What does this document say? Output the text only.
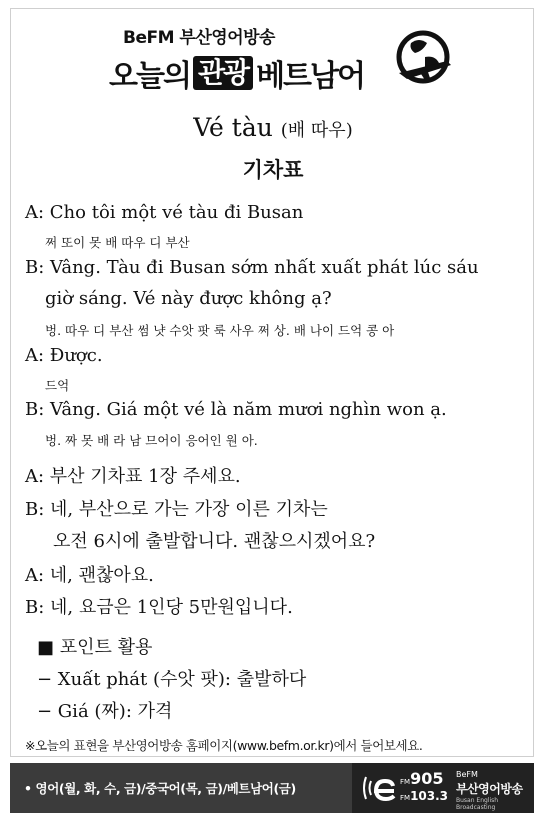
BeFM 부산영어방송
오늘의 관광 베트남어
Vé tàu (배 따우)
기차표
A: Cho tôi một vé tàu đi Busan
쩌 또이 못 배 따우 디 부산
B: Vâng. Tàu đi Busan sớm nhất xuất phát lúc sáu
giờ sáng. Vé này được không ạ?
벙. 따우 디 부산 썸 냣 수앗 팟 룩 사우 쩌 상. 배 나이 드억 콩 아
A: Được.
드억
B: Vâng. Giá một vé là năm mươi nghìn won ạ.
벙. 짜 못 배 라 남 므어이 응어인 원 아.
A: 부산 기차표 1장 주세요.
B: 네, 부산으로 가는 가장 이른 기차는
오전 6시에 출발합니다. 괜찮으시겠어요?
A: 네, 괜찮아요.
B: 네, 요금은 1인당 5만원입니다.
■ 포인트 활용
− Xuất phát (수앗 팟): 출발하다
− Giá (짜): 가격
※오늘의 표현을 부산영어방송 홈페이지(www.befm.or.kr)에서 들어보세요.
• 영어(월, 화, 수, 금)/중국어(목, 금)/베트남어(금)	FM905
FM103.3
BeFM
부산영어방송
Busan English Broadcasting
